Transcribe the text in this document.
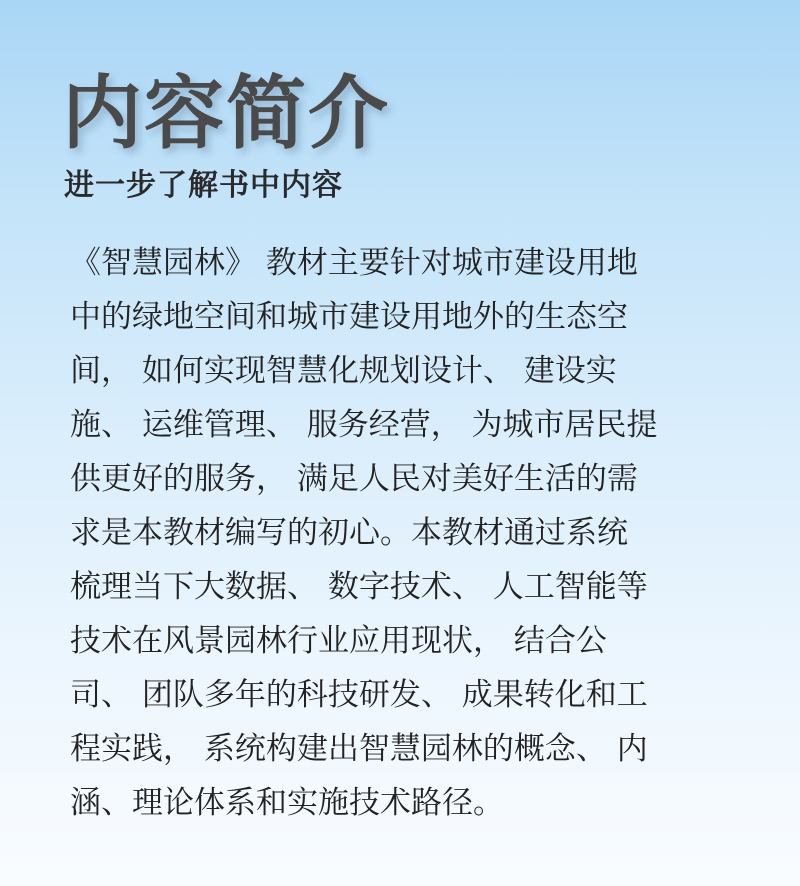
内容简介
进一步了解书中内容
《智慧园林》 教材主要针对城市建设用地
中的绿地空间和城市建设用地外的生态空
间， 如何实现智慧化规划设计、 建设实
施、 运维管理、 服务经营， 为城市居民提
供更好的服务， 满足人民对美好生活的需
求是本教材编写的初心。本教材通过系统
梳理当下大数据、 数字技术、 人工智能等
技术在风景园林行业应用现状， 结合公
司、 团队多年的科技研发、 成果转化和工
程实践， 系统构建出智慧园林的概念、 内
涵、理论体系和实施技术路径。
